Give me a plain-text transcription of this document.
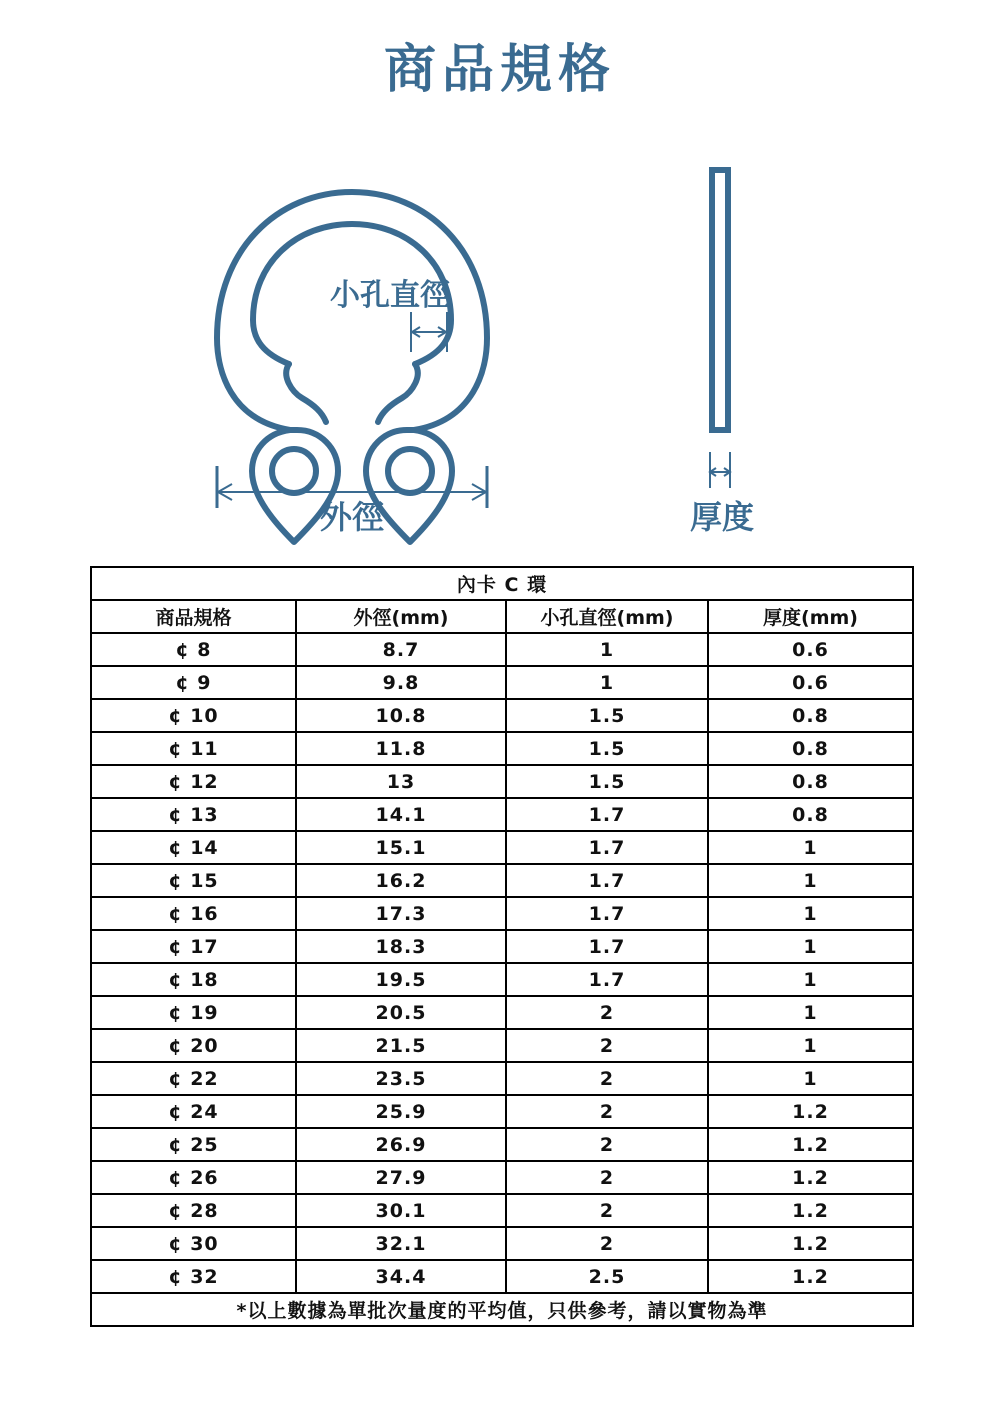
商品規格
小孔直徑
外徑	厚度
內卡 C 環			
商品規格	外徑(mm)	小孔直徑(mm)	厚度(mm)
¢ 8	8.7	1	0.6
¢ 9	9.8	1	0.6
¢ 10	10.8	1.5	0.8
¢ 11	11.8	1.5	0.8
¢ 12	13	1.5	0.8
¢ 13	14.1	1.7	0.8
¢ 14	15.1	1.7	1
¢ 15	16.2	1.7	1
¢ 16	17.3	1.7	1
¢ 17	18.3	1.7	1
¢ 18	19.5	1.7	1
¢ 19	20.5	2	1
¢ 20	21.5	2	1
¢ 22	23.5	2	1
¢ 24	25.9	2	1.2
¢ 25	26.9	2	1.2
¢ 26	27.9	2	1.2
¢ 28	30.1	2	1.2
¢ 30	32.1	2	1.2
¢ 32	34.4	2.5	1.2
*以上數據為單批次量度的平均值，只供參考，請以實物為準			
